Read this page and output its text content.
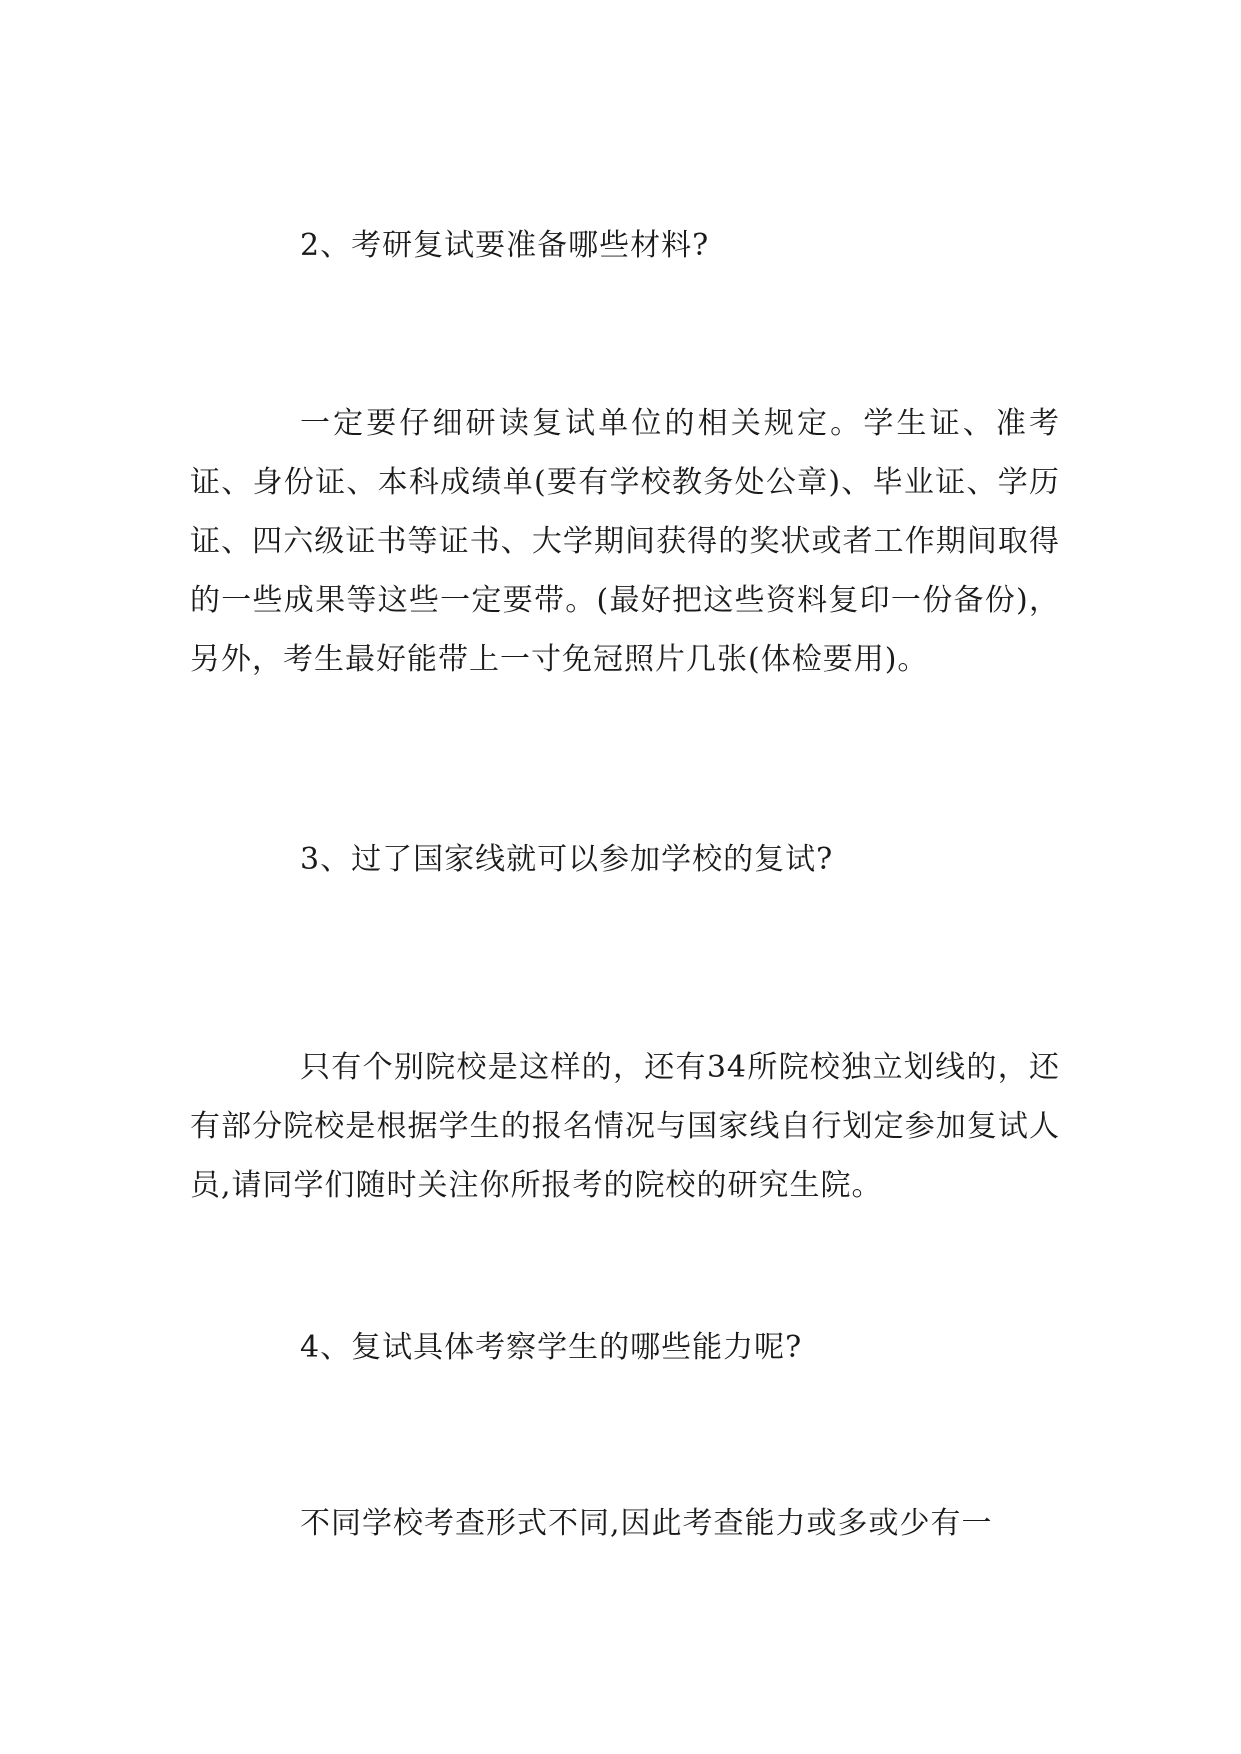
2、考研复试要准备哪些材料?
一定要仔细研读复试单位的相关规定。学生证、准考证、身份证、本科成绩单(要有学校教务处公章)、毕业证、学历证、四六级证书等证书、大学期间获得的奖状或者工作期间取得的一些成果等这些一定要带。(最好把这些资料复印一份备份)，另外，考生最好能带上一寸免冠照片几张(体检要用)。
3、过了国家线就可以参加学校的复试?
只有个别院校是这样的，还有34所院校独立划线的，还有部分院校是根据学生的报名情况与国家线自行划定参加复试人员,请同学们随时关注你所报考的院校的研究生院。
4、复试具体考察学生的哪些能力呢?
不同学校考查形式不同,因此考查能力或多或少有一
